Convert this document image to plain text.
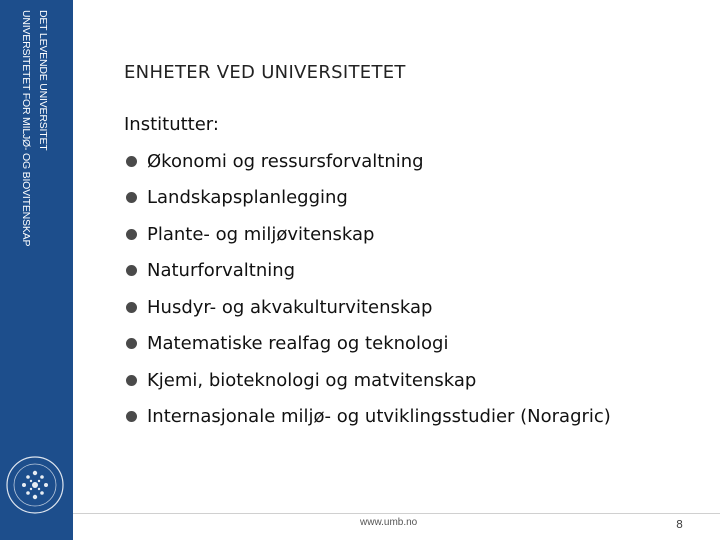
DET LEVENDE UNIVERSITET
UNIVERSITETET FOR MILJØ- OG BIOVITENSKAP	ENHETER VED UNIVERSITETET
Institutter:
Økonomi og ressursforvaltning
Landskapsplanlegging
Plante- og miljøvitenskap
Naturforvaltning
Husdyr- og akvakulturvitenskap
Matematiske realfag og teknologi
Kjemi, bioteknologi og matvitenskap
Internasjonale miljø- og utviklingsstudier (Noragric)
www.umb.no	8
